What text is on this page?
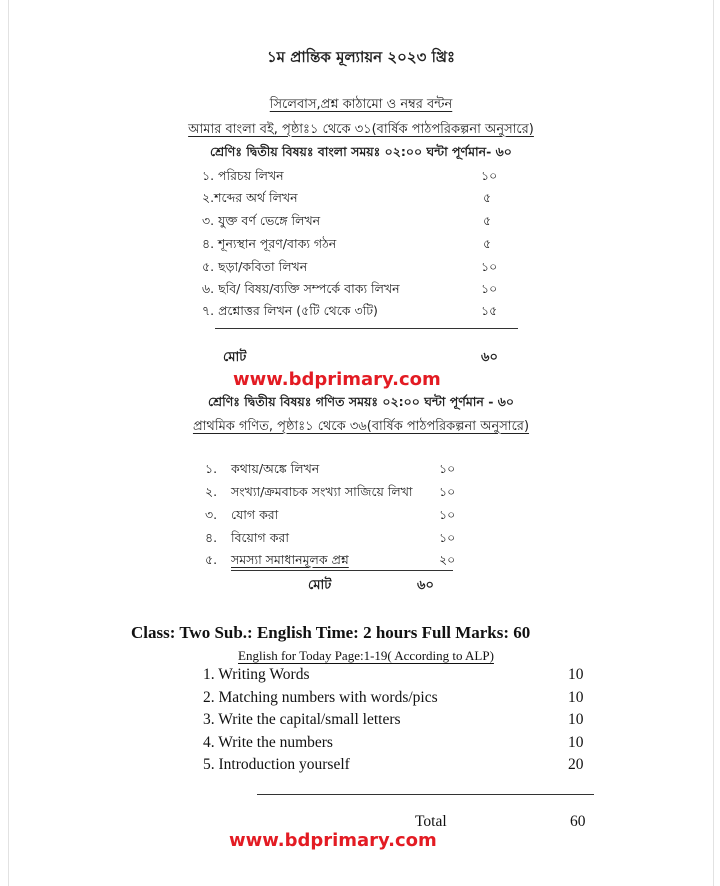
১ম প্রান্তিক মূল্যায়ন ২০২৩ খ্রিঃ
সিলেবাস,প্রশ্ন কাঠামো ও নম্বর বন্টন
আমার বাংলা বই, পৃষ্ঠাঃ১ থেকে ৩১(বার্ষিক পাঠপরিকল্পনা অনুসারে)
শ্রেণিঃ দ্বিতীয় বিষয়ঃ বাংলা সময়ঃ ০২:০০ ঘন্টা পূর্ণমান- ৬০
১. পরিচয় লিখন	১০
২.শব্দের অর্থ লিখন	৫
৩. যুক্ত বর্ণ ভেঙ্গে লিখন	৫
৪. শূন্যস্থান পূরণ/বাক্য গঠন	৫
৫. ছড়া/কবিতা লিখন	১০
৬. ছবি/ বিষয়/ব্যক্তি সম্পর্কে বাক্য লিখন	১০
৭. প্রশ্নোত্তর লিখন (৫টি থেকে ৩টি)	১৫
মোট	৬০
www.bdprimary.com
শ্রেণিঃ দ্বিতীয় বিষয়ঃ গণিত সময়ঃ ০২:০০ ঘন্টা পূর্ণমান - ৬০
প্রাথমিক গণিত, পৃষ্ঠাঃ১ থেকে ৩৬(বার্ষিক পাঠপরিকল্পনা অনুসারে)
১. কথায়/অঙ্কে লিখন	১০
২. সংখ্যা/ক্রমবাচক সংখ্যা সাজিয়ে লিখা ১০
৩. যোগ করা	১০
৪. বিয়োগ করা	১০
৫. সমস্যা সমাধানমূলক প্রশ্ন	২০
মোট	৬০
Class: Two Sub.: English Time: 2 hours Full Marks: 60
English for Today Page:1-19( According to ALP)
1. Writing Words	10
2. Matching numbers with words/pics	10
3. Write the capital/small letters	10
4. Write the numbers	10
5. Introduction yourself	20
Total	60
www.bdprimary.com
